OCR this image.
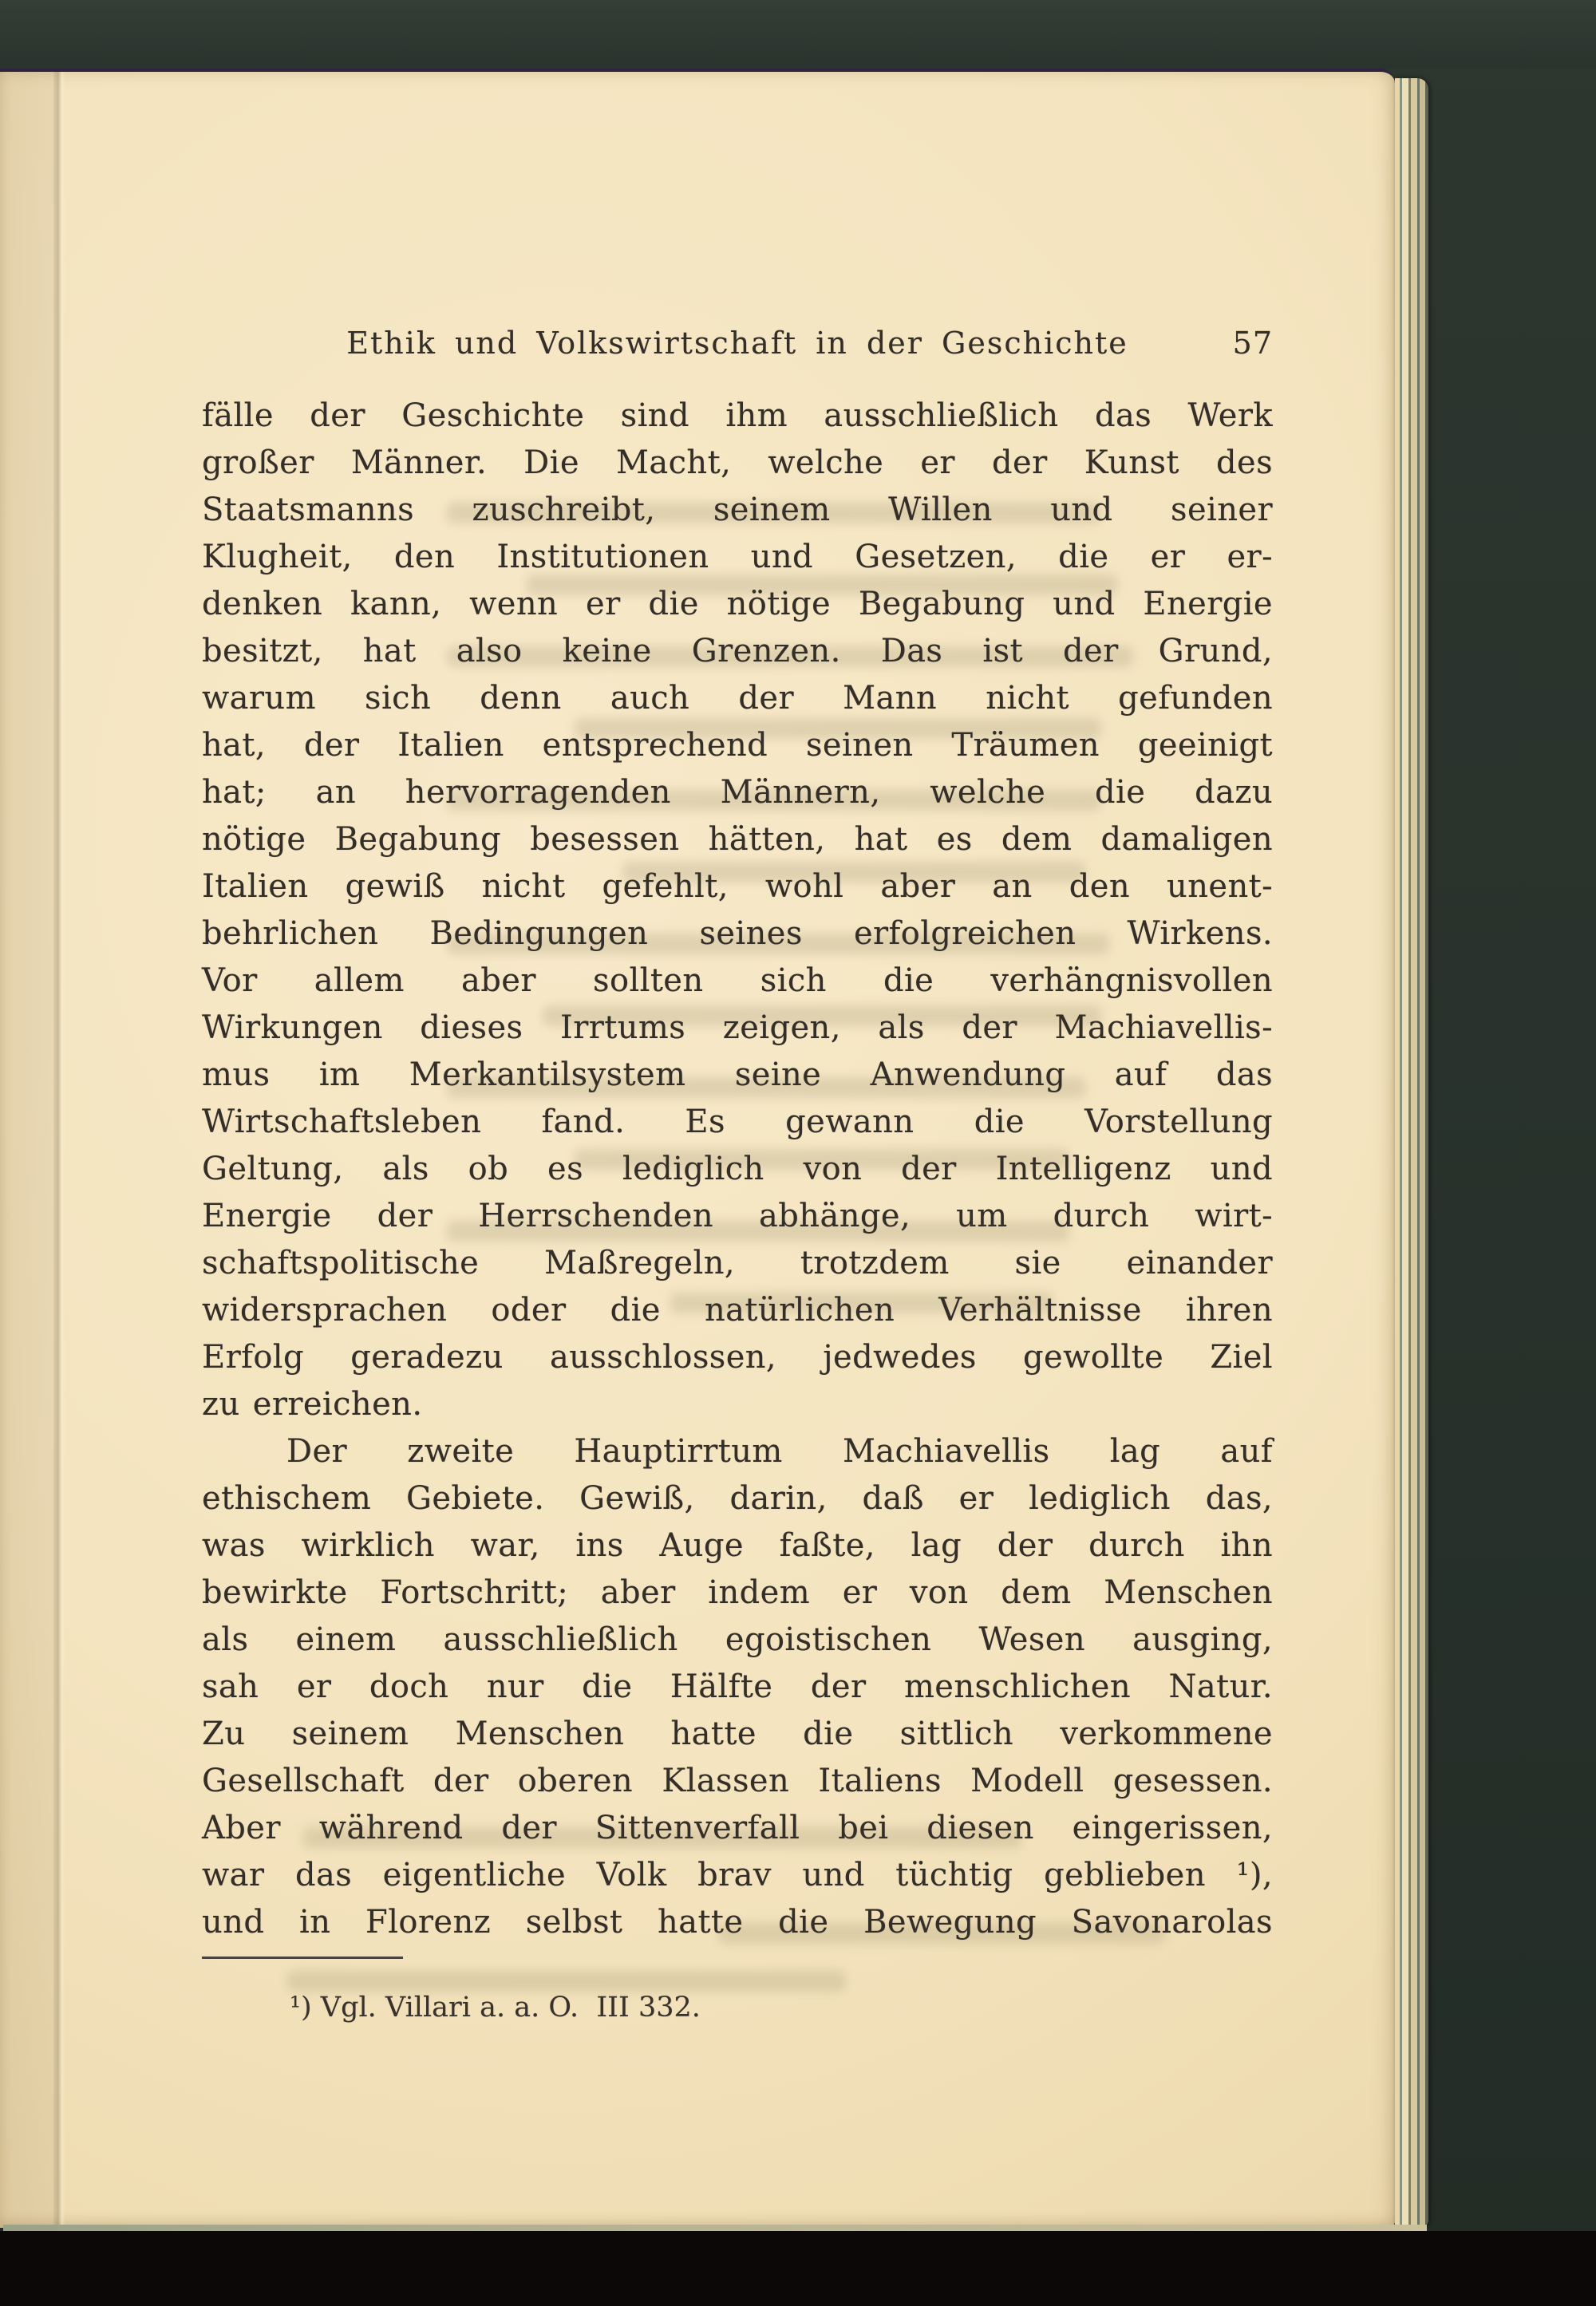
Ethik und Volkswirtschaft in der Geschichte	57
fälle der Geschichte sind ihm ausschließlich das Werk
großer Männer. Die Macht, welche er der Kunst des
Staatsmanns zuschreibt, seinem Willen und seiner
Klugheit, den Institutionen und Gesetzen, die er er-
denken kann, wenn er die nötige Begabung und Energie
besitzt, hat also keine Grenzen. Das ist der Grund,
warum sich denn auch der Mann nicht gefunden
hat, der Italien entsprechend seinen Träumen geeinigt
hat; an hervorragenden Männern, welche die dazu
nötige Begabung besessen hätten, hat es dem damaligen
Italien gewiß nicht gefehlt, wohl aber an den unent-
behrlichen Bedingungen seines erfolgreichen Wirkens.
Vor allem aber sollten sich die verhängnisvollen
Wirkungen dieses Irrtums zeigen, als der Machiavellis-
mus im Merkantilsystem seine Anwendung auf das
Wirtschaftsleben fand. Es gewann die Vorstellung
Geltung, als ob es lediglich von der Intelligenz und
Energie der Herrschenden abhänge, um durch wirt-
schaftspolitische Maßregeln, trotzdem sie einander
widersprachen oder die natürlichen Verhältnisse ihren
Erfolg geradezu ausschlossen, jedwedes gewollte Ziel
zu erreichen.
Der zweite Hauptirrtum Machiavellis lag auf
ethischem Gebiete. Gewiß, darin, daß er lediglich das,
was wirklich war, ins Auge faßte, lag der durch ihn
bewirkte Fortschritt; aber indem er von dem Menschen
als einem ausschließlich egoistischen Wesen ausging,
sah er doch nur die Hälfte der menschlichen Natur.
Zu seinem Menschen hatte die sittlich verkommene
Gesellschaft der oberen Klassen Italiens Modell gesessen.
Aber während der Sittenverfall bei diesen eingerissen,
war das eigentliche Volk brav und tüchtig geblieben ¹),
und in Florenz selbst hatte die Bewegung Savonarolas
¹) Vgl. Villari a. a. O.  III 332.
